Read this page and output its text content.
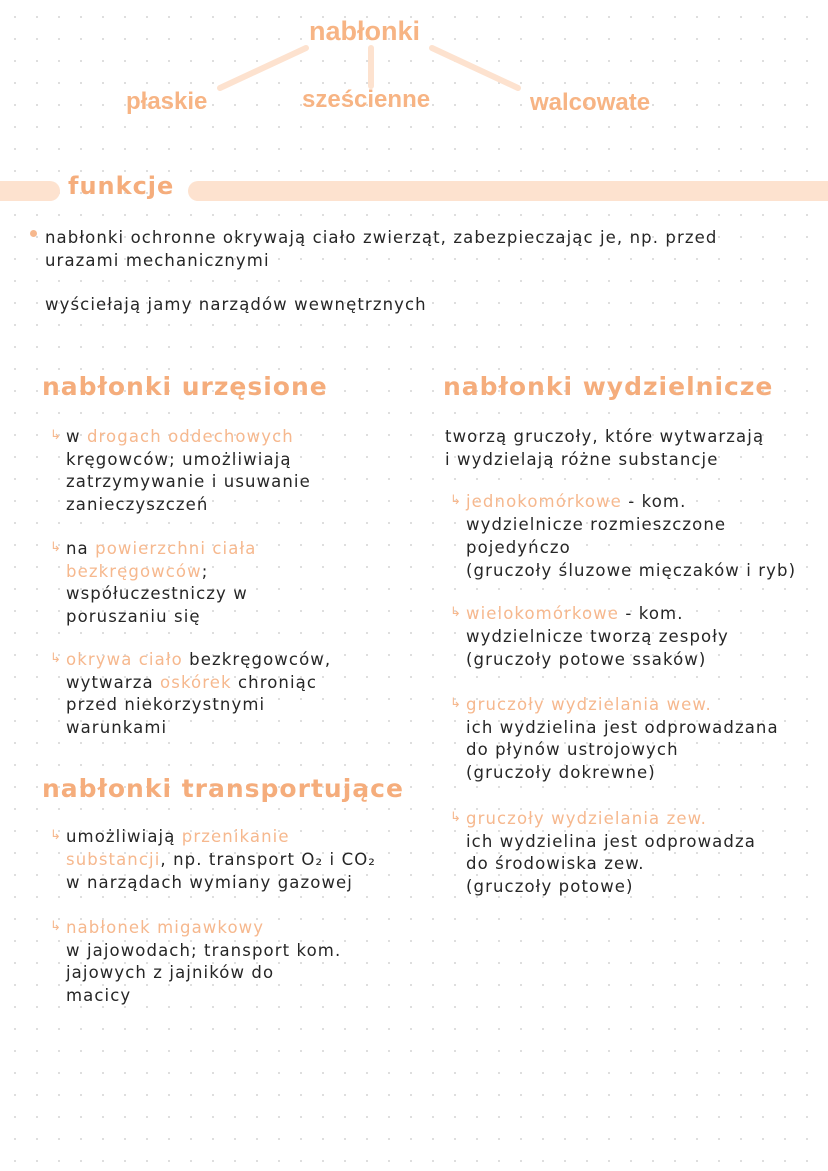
nabłonki
płaskie	sześcienne	walcowate
funkcje
nabłonki ochronne okrywają ciało zwierząt, zabezpieczając je, np. przed
urazami mechanicznymi
wyściełają jamy narządów wewnętrznych
nabłonki urzęsione	nabłonki wydzielnicze
nabłonki transportujące
tworzą gruczoły, które wytwarzają
i wydzielają różne substancje
↳ w drogach oddechowych
kręgowców; umożliwiają
zatrzymywanie i usuwanie
zanieczyszczeń
↳ na powierzchni ciała
bezkręgowców;
współuczestniczy w
poruszaniu się
↳ okrywa ciało bezkręgowców,
wytwarza oskórek chroniąc
przed niekorzystnymi
warunkami
↳ umożliwiają przenikanie
substancji, np. transport O₂ i CO₂
w narządach wymiany gazowej
↳ nabłonek migawkowy
w jajowodach; transport kom.
jajowych z jajników do
macicy
↳ jednokomórkowe - kom.
wydzielnicze rozmieszczone
pojedyńczo
(gruczoły śluzowe mięczaków i ryb)
↳ wielokomórkowe - kom.
wydzielnicze tworzą zespoły
(gruczoły potowe ssaków)
↳ gruczoły wydzielania wew.
ich wydzielina jest odprowadzana
do płynów ustrojowych
(gruczoły dokrewne)
↳ gruczoły wydzielania zew.
ich wydzielina jest odprowadza
do środowiska zew.
(gruczoły potowe)
